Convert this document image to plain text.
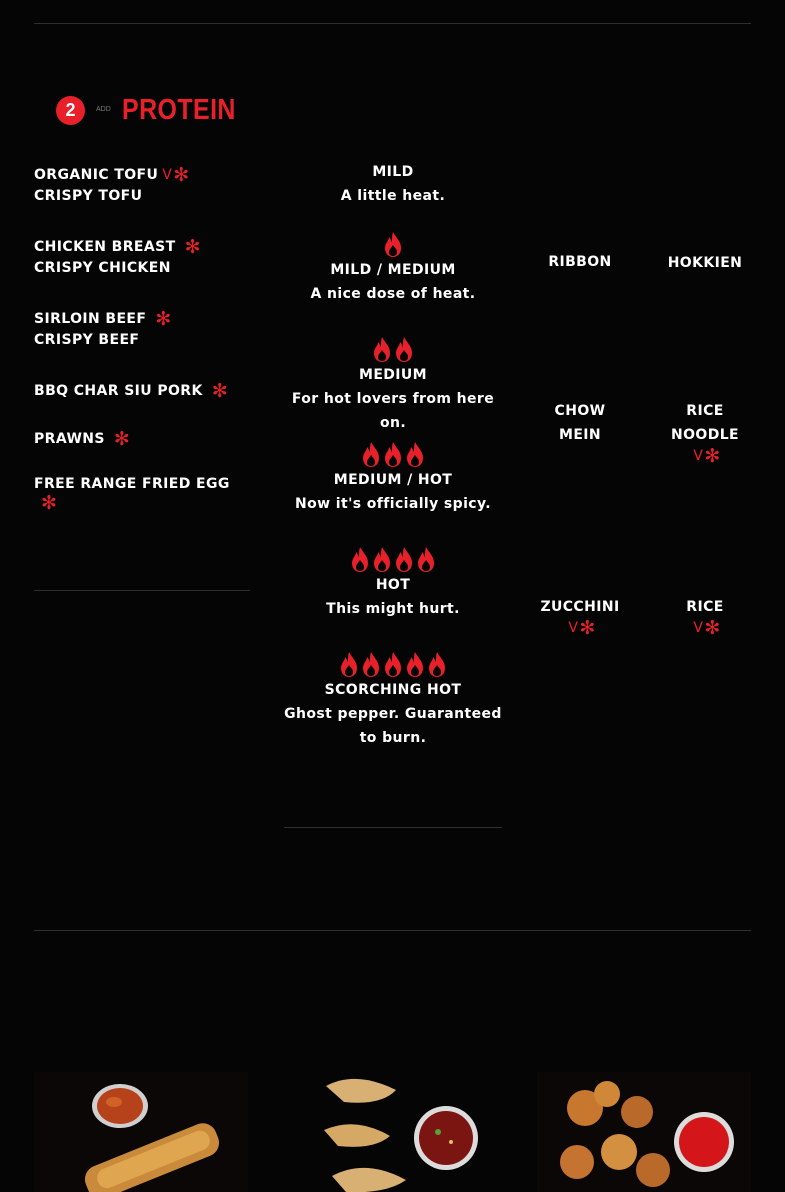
2	ADD PROTEIN
ORGANIC TOFU V✻
CRISPY TOFU
CHICKEN BREAST ✻
CRISPY CHICKEN
SIRLOIN BEEF ✻
CRISPY BEEF
BBQ CHAR SIU PORK ✻
PRAWNS ✻
FREE RANGE FRIED EGG
✻
MILD
A little heat.
MILD / MEDIUM
A nice dose of heat.
MEDIUM
For hot lovers from here on.
MEDIUM / HOT
Now it's officially spicy.
HOT
This might hurt.
SCORCHING HOT
Ghost pepper. Guaranteed
to burn.
RIBBON	HOKKIEN
CHOW
MEIN
RICE
NOODLE
V✻
ZUCCHINI
V✻
RICE
V✻
